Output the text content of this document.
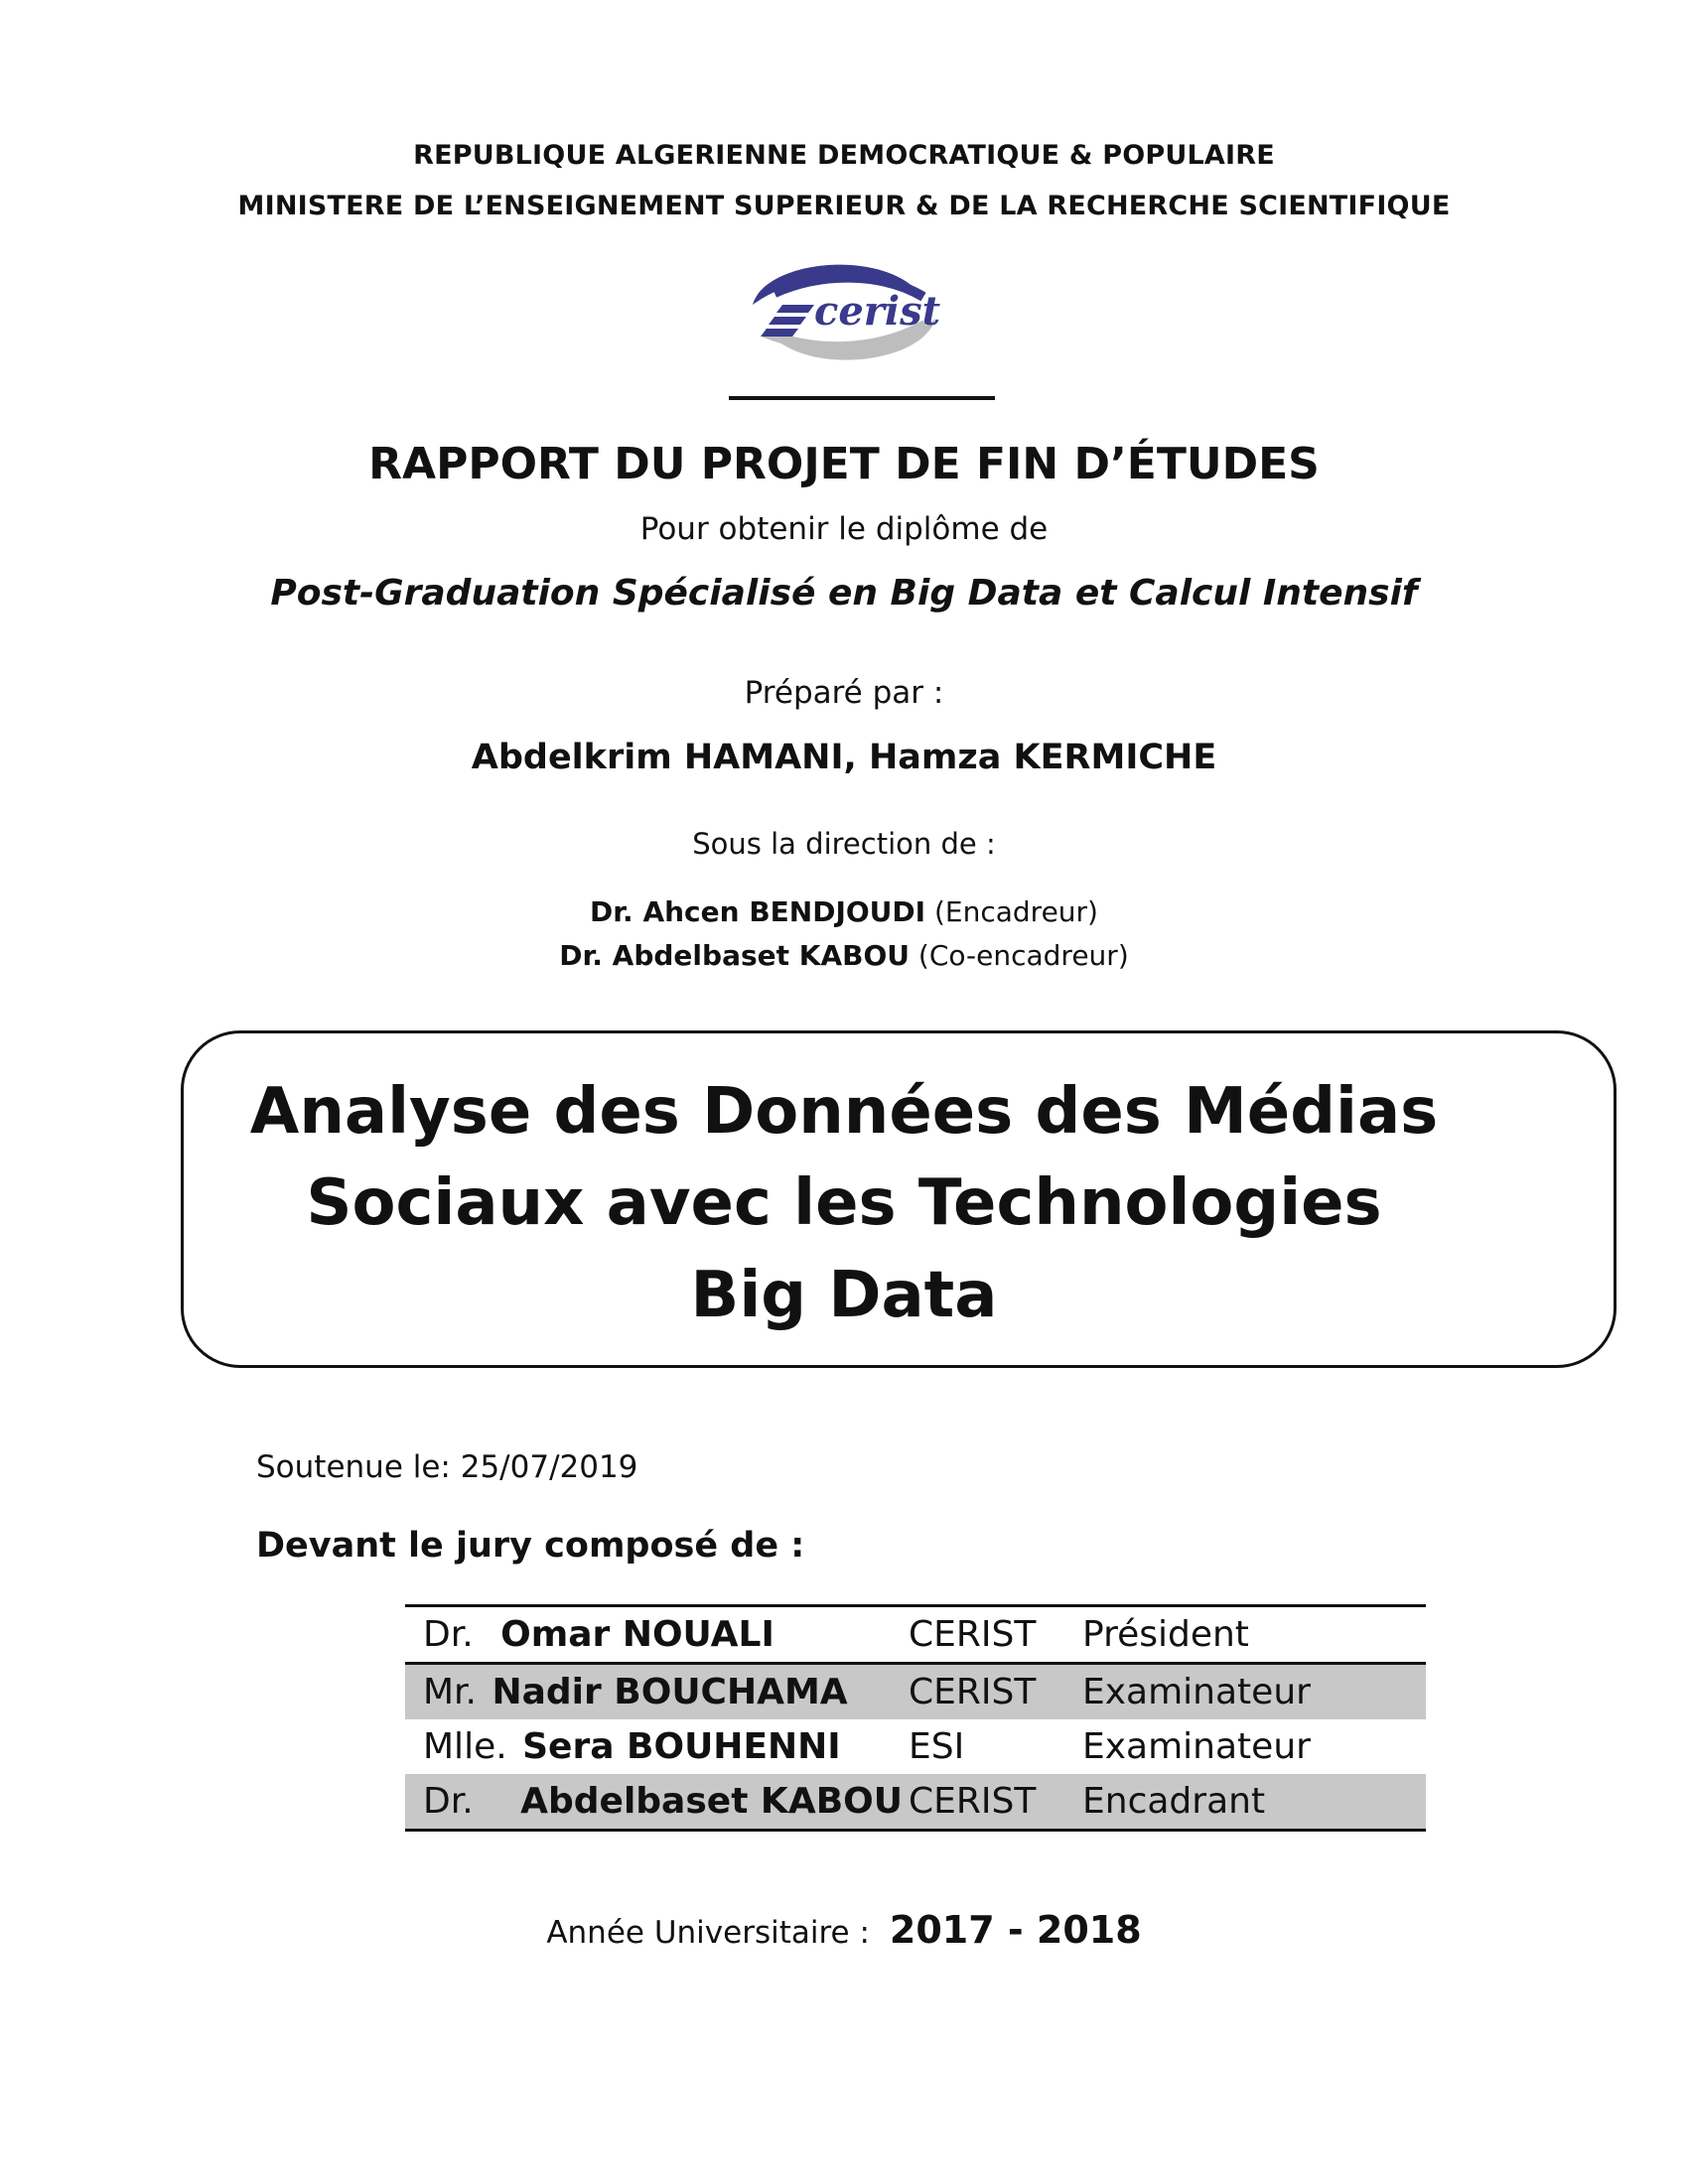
REPUBLIQUE ALGERIENNE DEMOCRATIQUE & POPULAIRE
MINISTERE DE L’ENSEIGNEMENT SUPERIEUR & DE LA RECHERCHE SCIENTIFIQUE
cerist
RAPPORT DU PROJET DE FIN D’ÉTUDES
Pour obtenir le diplôme de
Post-Graduation Spécialisé en Big Data et Calcul Intensif
Préparé par :
Abdelkrim HAMANI, Hamza KERMICHE
Sous la direction de :
Dr. Ahcen BENDJOUDI (Encadreur)
Dr. Abdelbaset KABOU (Co-encadreur)
Analyse des Données des Médias
Sociaux avec les Technologies
Big Data
Soutenue le: 25/07/2019
Devant le jury composé de :
Dr. Omar NOUALI	CERIST Président
Mr. Nadir BOUCHAMA CERIST Examinateur
Mlle. Sera BOUHENNI ESI	Examinateur
Dr. Abdelbaset KABOU CERIST Encadrant
Année Universitaire : 2017 - 2018
